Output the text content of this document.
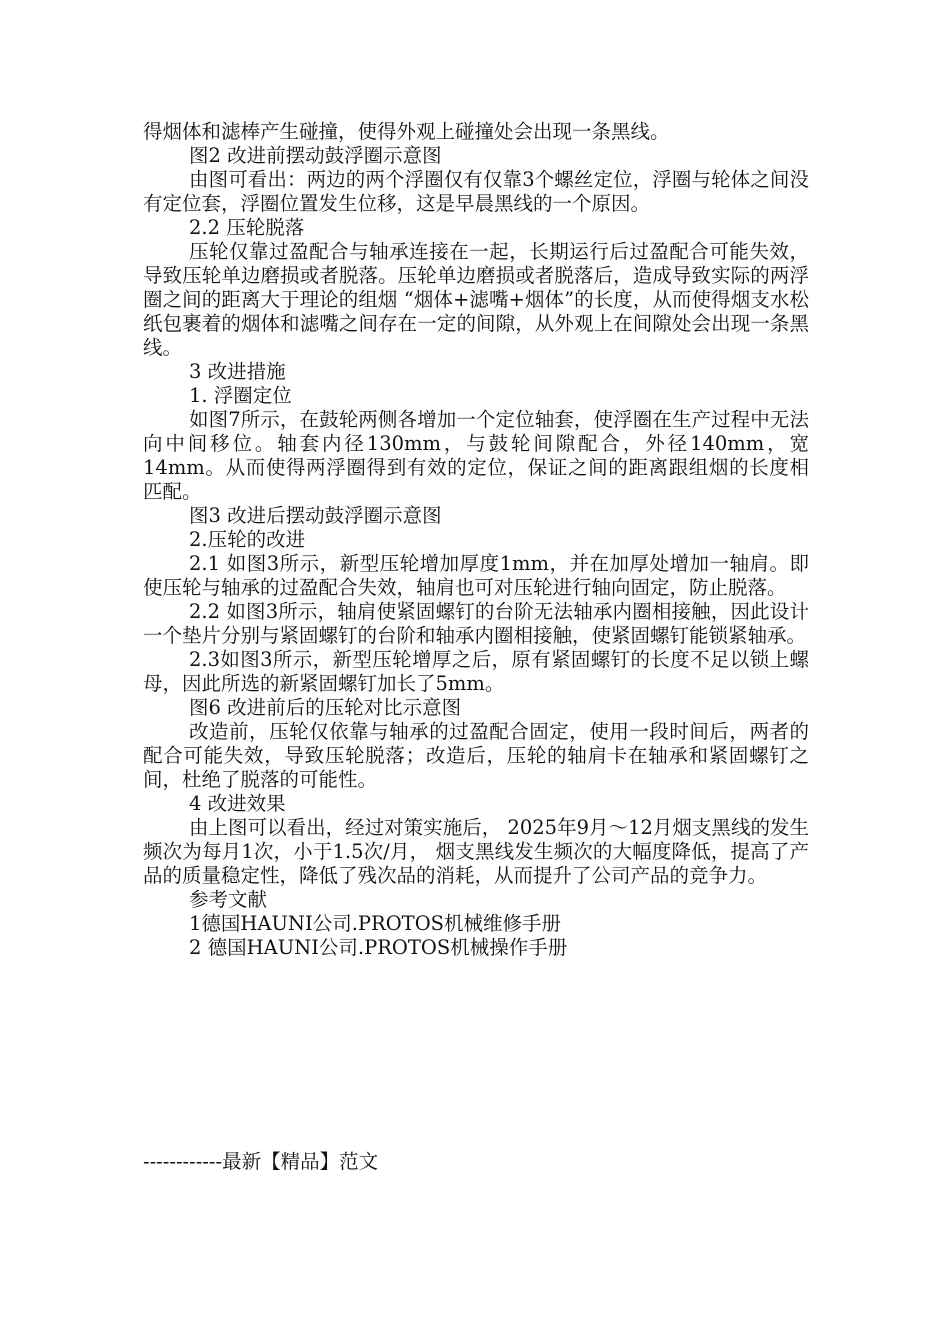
得烟体和滤棒产生碰撞，使得外观上碰撞处会出现一条黑线。

图2 改进前摆动鼓浮圈示意图

由图可看出：两边的两个浮圈仅有仅靠3个螺丝定位，浮圈与轮体之间没有定位套，浮圈位置发生位移，这是早晨黑线的一个原因。

2.2 压轮脱落

压轮仅靠过盈配合与轴承连接在一起，长期运行后过盈配合可能失效，导致压轮单边磨损或者脱落。压轮单边磨损或者脱落后，造成导致实际的两浮圈之间的距离大于理论的组烟 “烟体+滤嘴+烟体”的长度，从而使得烟支水松纸包裹着的烟体和滤嘴之间存在一定的间隙，从外观上在间隙处会出现一条黑线。

3 改进措施

1. 浮圈定位

如图7所示，在鼓轮两侧各增加一个定位轴套，使浮圈在生产过程中无法向中间移位。轴套内径130mm，与鼓轮间隙配合，外径140mm，宽14mm。从而使得两浮圈得到有效的定位，保证之间的距离跟组烟的长度相匹配。

图3 改进后摆动鼓浮圈示意图

2.压轮的改进

2.1 如图3所示，新型压轮增加厚度1mm，并在加厚处增加一轴肩。即使压轮与轴承的过盈配合失效，轴肩也可对压轮进行轴向固定，防止脱落。

2.2 如图3所示，轴肩使紧固螺钉的台阶无法轴承内圈相接触，因此设计一个垫片分别与紧固螺钉的台阶和轴承内圈相接触，使紧固螺钉能锁紧轴承。

2.3如图3所示，新型压轮增厚之后，原有紧固螺钉的长度不足以锁上螺母，因此所选的新紧固螺钉加长了5mm。

图6 改进前后的压轮对比示意图

改造前，压轮仅依靠与轴承的过盈配合固定，使用一段时间后，两者的配合可能失效，导致压轮脱落；改造后，压轮的轴肩卡在轴承和紧固螺钉之间，杜绝了脱落的可能性。

4 改进效果

由上图可以看出，经过对策实施后， 2025年9月～12月烟支黑线的发生频次为每月1次，小于1.5次/月， 烟支黑线发生频次的大幅度降低，提高了产品的质量稳定性，降低了残次品的消耗，从而提升了公司产品的竞争力。

参考文献

1德国HAUNI公司.PROTOS机械维修手册

2 德国HAUNI公司.PROTOS机械操作手册

------------最新【精品】范文
